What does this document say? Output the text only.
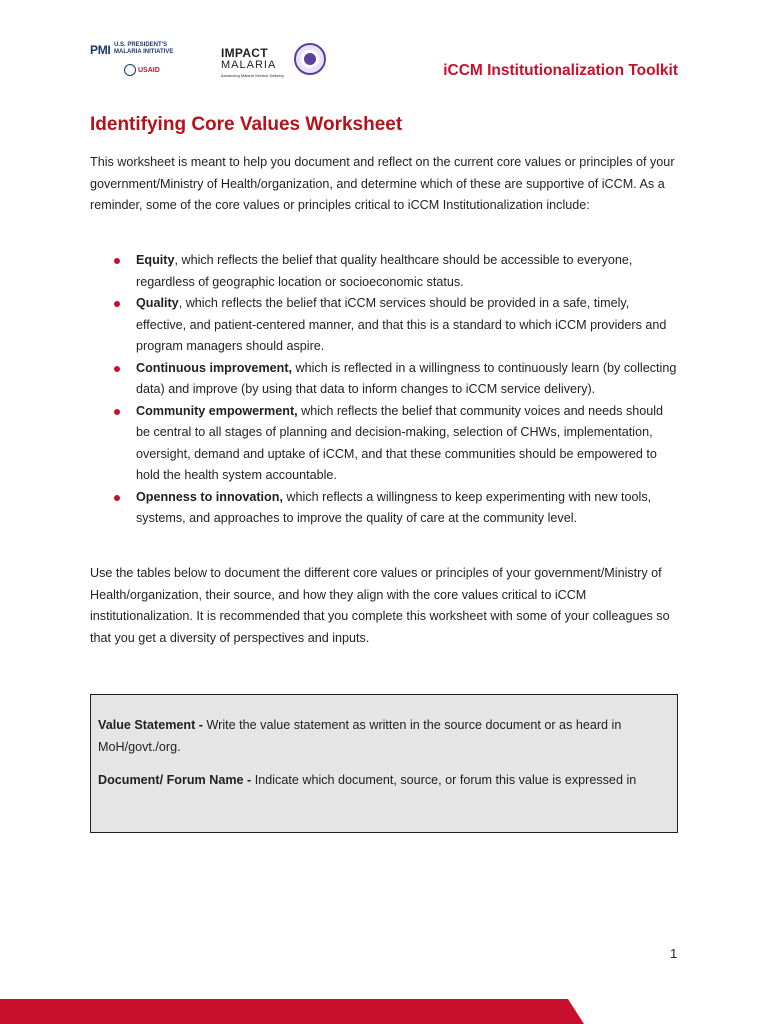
PMI U.S. PRESIDENT'S
MALARIA INITIATIVE
USAID
IMPACT
MALARIA
Advancing Malaria Service Delivery	iCCM Institutionalization Toolkit
Identifying Core Values Worksheet

This worksheet is meant to help you document and reflect on the current core values or principles of your government/Ministry of Health/organization, and determine which of these are supportive of iCCM. As a reminder, some of the core values or principles critical to iCCM Institutionalization include:

Equity, which reflects the belief that quality healthcare should be accessible to everyone, regardless of geographic location or socioeconomic status.
Quality, which reflects the belief that iCCM services should be provided in a safe, timely, effective, and patient-centered manner, and that this is a standard to which iCCM providers and program managers should aspire.
Continuous improvement, which is reflected in a willingness to continuously learn (by collecting data) and improve (by using that data to inform changes to iCCM service delivery).
Community empowerment, which reflects the belief that community voices and needs should be central to all stages of planning and decision-making, selection of CHWs, implementation, oversight, demand and uptake of iCCM, and that these communities should be empowered to hold the health system accountable.
Openness to innovation, which reflects a willingness to keep experimenting with new tools, systems, and approaches to improve the quality of care at the community level.

Use the tables below to document the different core values or principles of your government/Ministry of Health/organization, their source, and how they align with the core values critical to iCCM institutionalization. It is recommended that you complete this worksheet with some of your colleagues so that you get a diversity of perspectives and inputs.

Value Statement - Write the value statement as written in the source document or as heard in MoH/govt./org.

Document/ Forum Name - Indicate which document, source, or forum this value is expressed in

1
